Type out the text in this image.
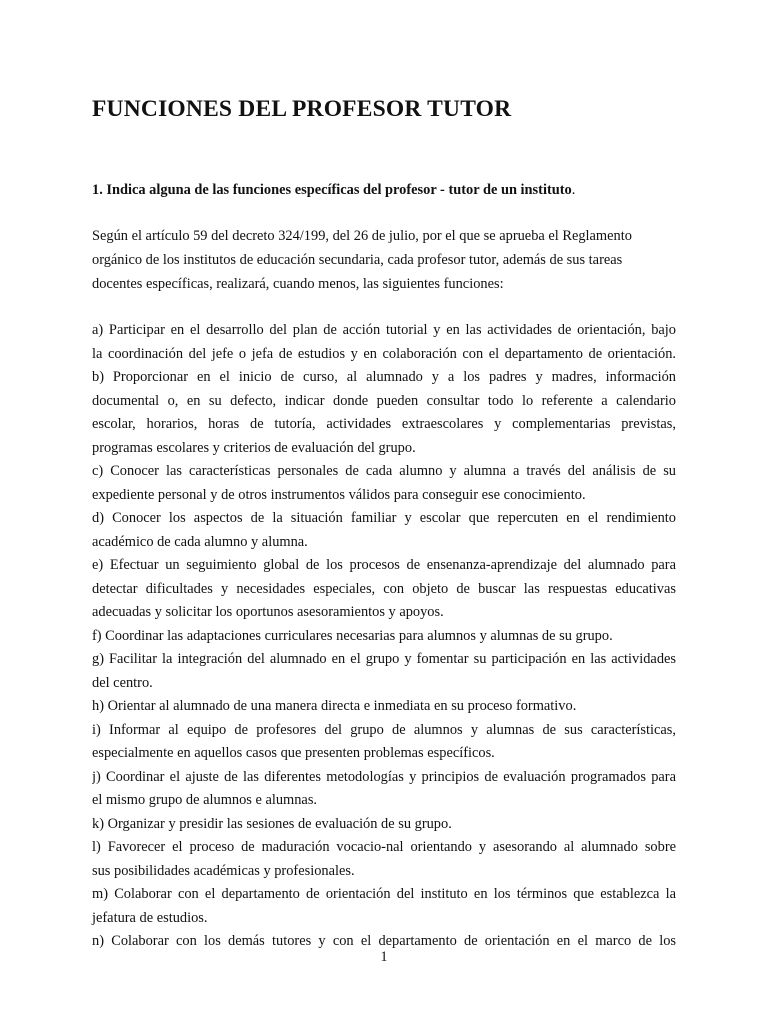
FUNCIONES DEL PROFESOR TUTOR

1. Indica alguna de las funciones específicas del profesor - tutor de un instituto.

Según el artículo 59 del decreto 324/199, del 26 de julio, por el que se aprueba el Reglamento
orgánico de los institutos de educación secundaria, cada profesor tutor, además de sus tareas
docentes específicas, realizará, cuando menos, las siguientes funciones:
a) Participar en el desarrollo del plan de acción tutorial y en las actividades de orientación, bajo
la coordinación del jefe o jefa de estudios y en colaboración con el departamento de orientación.
b) Proporcionar en el inicio de curso, al alumnado y a los padres y madres, información
documental o, en su defecto, indicar donde pueden consultar todo lo referente a calendario
escolar, horarios, horas de tutoría, actividades extraescolares y complementarias previstas,
programas escolares y criterios de evaluación del grupo.
c) Conocer las características personales de cada alumno y alumna a través del análisis de su
expediente personal y de otros instrumentos válidos para conseguir ese conocimiento.
d) Conocer los aspectos de la situación familiar y escolar que repercuten en el rendimiento
académico de cada alumno y alumna.
e) Efectuar un seguimiento global de los procesos de ensenanza-aprendizaje del alumnado para
detectar dificultades y necesidades especiales, con objeto de buscar las respuestas educativas
adecuadas y solicitar los oportunos asesoramientos y apoyos.
f) Coordinar las adaptaciones curriculares necesarias para alumnos y alumnas de su grupo.
g) Facilitar la integración del alumnado en el grupo y fomentar su participación en las actividades
del centro.
h) Orientar al alumnado de una manera directa e inmediata en su proceso formativo.
i) Informar al equipo de profesores del grupo de alumnos y alumnas de sus características,
especialmente en aquellos casos que presenten problemas específicos.
j) Coordinar el ajuste de las diferentes metodologías y principios de evaluación programados para
el mismo grupo de alumnos e alumnas.
k) Organizar y presidir las sesiones de evaluación de su grupo.
l) Favorecer el proceso de maduración vocacio-nal orientando y asesorando al alumnado sobre
sus posibilidades académicas y profesionales.
m) Colaborar con el departamento de orientación del instituto en los términos que establezca la
jefatura de estudios.
n) Colaborar con los demás tutores y con el departamento de orientación en el marco de los
1
